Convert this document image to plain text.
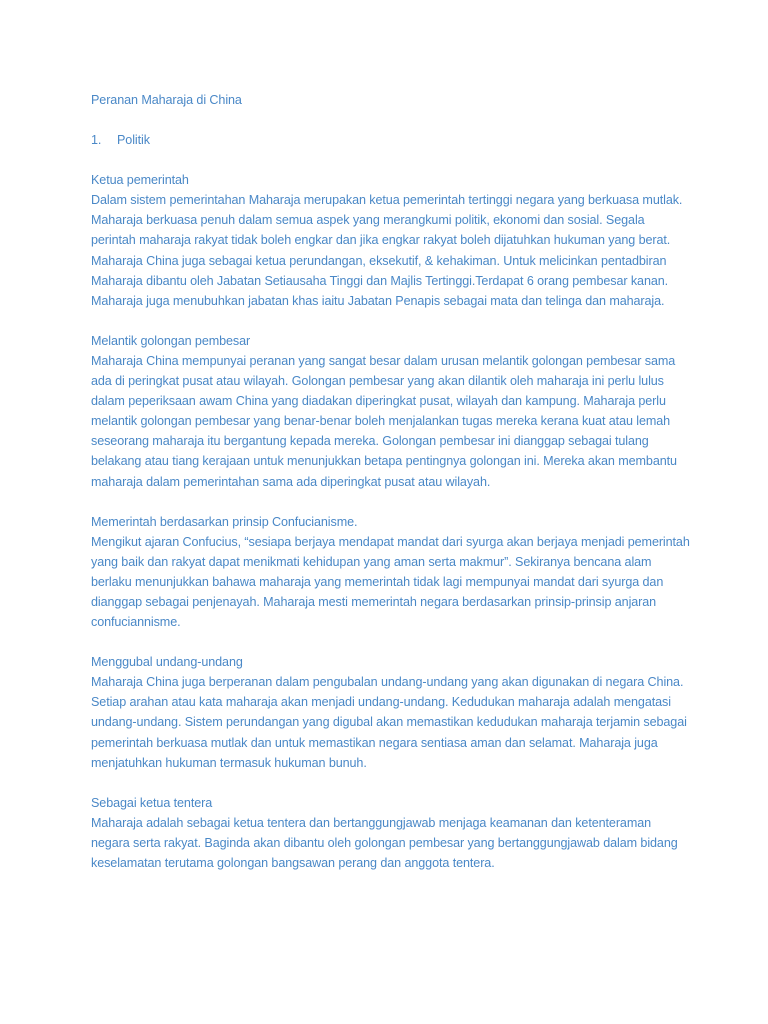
Peranan Maharaja di China

1.	Politik

Ketua pemerintah

Dalam sistem pemerintahan Maharaja merupakan ketua pemerintah tertinggi negara yang berkuasa mutlak. Maharaja berkuasa penuh dalam semua aspek yang merangkumi politik, ekonomi dan sosial. Segala perintah maharaja rakyat tidak boleh engkar dan jika engkar rakyat boleh dijatuhkan hukuman yang berat. Maharaja China juga sebagai ketua perundangan, eksekutif, & kehakiman. Untuk melicinkan pentadbiran Maharaja dibantu oleh Jabatan Setiausaha Tinggi dan Majlis Tertinggi.Terdapat 6 orang pembesar kanan. Maharaja juga menubuhkan jabatan khas iaitu Jabatan Penapis sebagai mata dan telinga dan maharaja.

Melantik golongan pembesar

Maharaja China mempunyai peranan yang sangat besar dalam urusan melantik golongan pembesar sama ada di peringkat pusat atau wilayah. Golongan pembesar yang akan dilantik oleh maharaja ini perlu lulus dalam peperiksaan awam China yang diadakan diperingkat pusat, wilayah dan kampung. Maharaja perlu melantik golongan pembesar yang benar-benar boleh menjalankan tugas mereka kerana kuat atau lemah seseorang maharaja itu bergantung kepada mereka. Golongan pembesar ini dianggap sebagai tulang belakang atau tiang kerajaan untuk menunjukkan betapa pentingnya golongan ini. Mereka akan membantu maharaja dalam pemerintahan sama ada diperingkat pusat atau wilayah.

Memerintah berdasarkan prinsip Confucianisme.

Mengikut ajaran Confucius, “sesiapa berjaya mendapat mandat dari syurga akan berjaya menjadi pemerintah yang baik dan rakyat dapat menikmati kehidupan yang aman serta makmur”. Sekiranya bencana alam berlaku menunjukkan bahawa maharaja yang memerintah tidak lagi mempunyai mandat dari syurga dan dianggap sebagai penjenayah. Maharaja mesti memerintah negara berdasarkan prinsip-prinsip anjaran confuciannisme.

Menggubal undang-undang

Maharaja China juga berperanan dalam pengubalan undang-undang yang akan digunakan di negara China. Setiap arahan atau kata maharaja akan menjadi undang-undang. Kedudukan maharaja adalah mengatasi undang-undang. Sistem perundangan yang digubal akan memastikan kedudukan maharaja terjamin sebagai pemerintah berkuasa mutlak dan untuk memastikan negara sentiasa aman dan selamat. Maharaja juga menjatuhkan hukuman termasuk hukuman bunuh.

Sebagai ketua tentera

Maharaja adalah sebagai ketua tentera dan bertanggungjawab menjaga keamanan dan ketenteraman negara serta rakyat. Baginda akan dibantu oleh golongan pembesar yang bertanggungjawab dalam bidang keselamatan terutama golongan bangsawan perang dan anggota tentera.
